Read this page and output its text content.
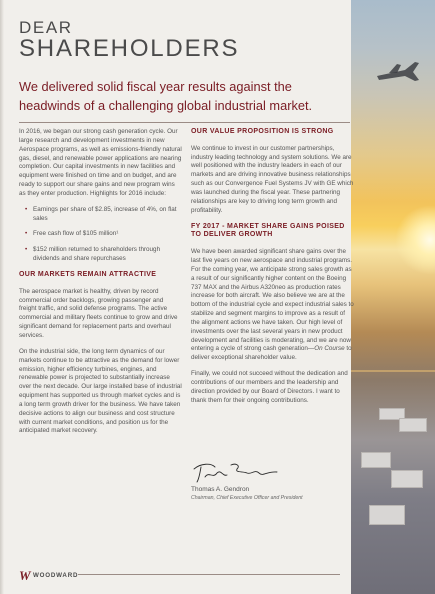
DEAR
SHAREHOLDERS
We delivered solid fiscal year results against the headwinds of a challenging global industrial market.

In 2016, we began our strong cash generation cycle. Our large research and development investments in new Aerospace programs, as well as emissions-friendly natural gas, diesel, and renewable power applications are nearing completion. Our capital investments in new facilities and equipment were finished on time and on budget, and are ready to support our share gains and new program wins as they enter production. Highlights for 2016 include:

• Earnings per share of $2.85, increase of 4%, on flat sales
• Free cash flow of $105 million¹
• $152 million returned to shareholders through dividends and share repurchases
OUR MARKETS REMAIN ATTRACTIVE

The aerospace market is healthy, driven by record commercial order backlogs, growing passenger and freight traffic, and solid defense programs. The active commercial and military fleets continue to grow and drive significant demand for replacement parts and overhaul services.

On the industrial side, the long term dynamics of our markets continue to be attractive as the demand for lower emission, higher efficiency turbines, engines, and renewable power is projected to substantially increase over the next decade. Our large installed base of industrial equipment has supported us through market cycles and is a long term growth driver for the business. We have taken decisive actions to align our business and cost structure with current market conditions, and position us for the anticipated market recovery.

OUR VALUE PROPOSITION IS STRONG

We continue to invest in our customer partnerships, industry leading technology and system solutions. We are well positioned with the industry leaders in each of our markets and are driving innovative business relationships such as our Convergence Fuel Systems JV with GE which was launched during the fiscal year. These partnering relationships are key to driving long term growth and profitability.

FY 2017 - MARKET SHARE GAINS POISED TO DELIVER GROWTH

We have been awarded significant share gains over the last five years on new aerospace and industrial programs. For the coming year, we anticipate strong sales growth as a result of our significantly higher content on the Boeing 737 MAX and the Airbus A320neo as production rates increase for both aircraft. We also believe we are at the bottom of the industrial cycle and expect industrial sales to stabilize and segment margins to improve as a result of the alignment actions we have taken. Our high level of investments over the last several years in new product development and facilities is moderating, and we are now entering a cycle of strong cash generation—On Course to deliver exceptional shareholder value.

Finally, we could not succeed without the dedication and contributions of our members and the leadership and direction provided by our Board of Directors. I want to thank them for their ongoing contributions.

Thomas A. Gendron
Chairman, Chief Executive Officer and President
W WOODWARD
